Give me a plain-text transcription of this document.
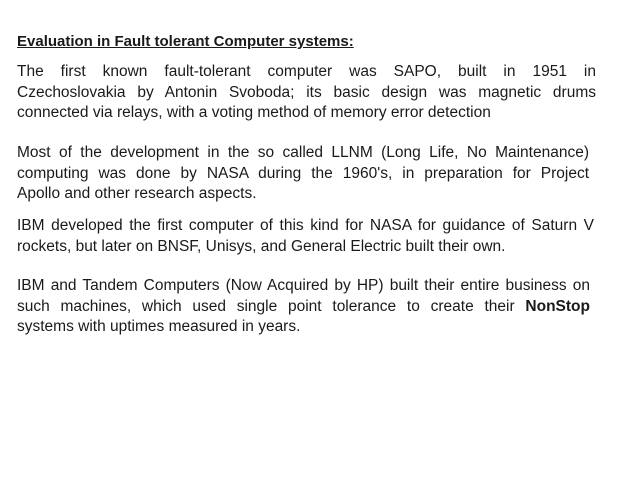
Evaluation in Fault tolerant Computer systems:
The first known fault-tolerant computer was SAPO, built in 1951 in
Czechoslovakia by Antonin Svoboda; its basic design was magnetic drums
connected via relays, with a voting method of memory error detection
Most of the development in the so called LLNM (Long Life, No Maintenance)
computing was done by NASA during the 1960's, in preparation for Project
Apollo and other research aspects.
IBM developed the first computer of this kind for NASA for guidance of Saturn V
rockets, but later on BNSF, Unisys, and General Electric built their own.
IBM and Tandem Computers (Now Acquired by HP) built their entire business on
such machines, which used single point tolerance to create their NonStop
systems with uptimes measured in years.
